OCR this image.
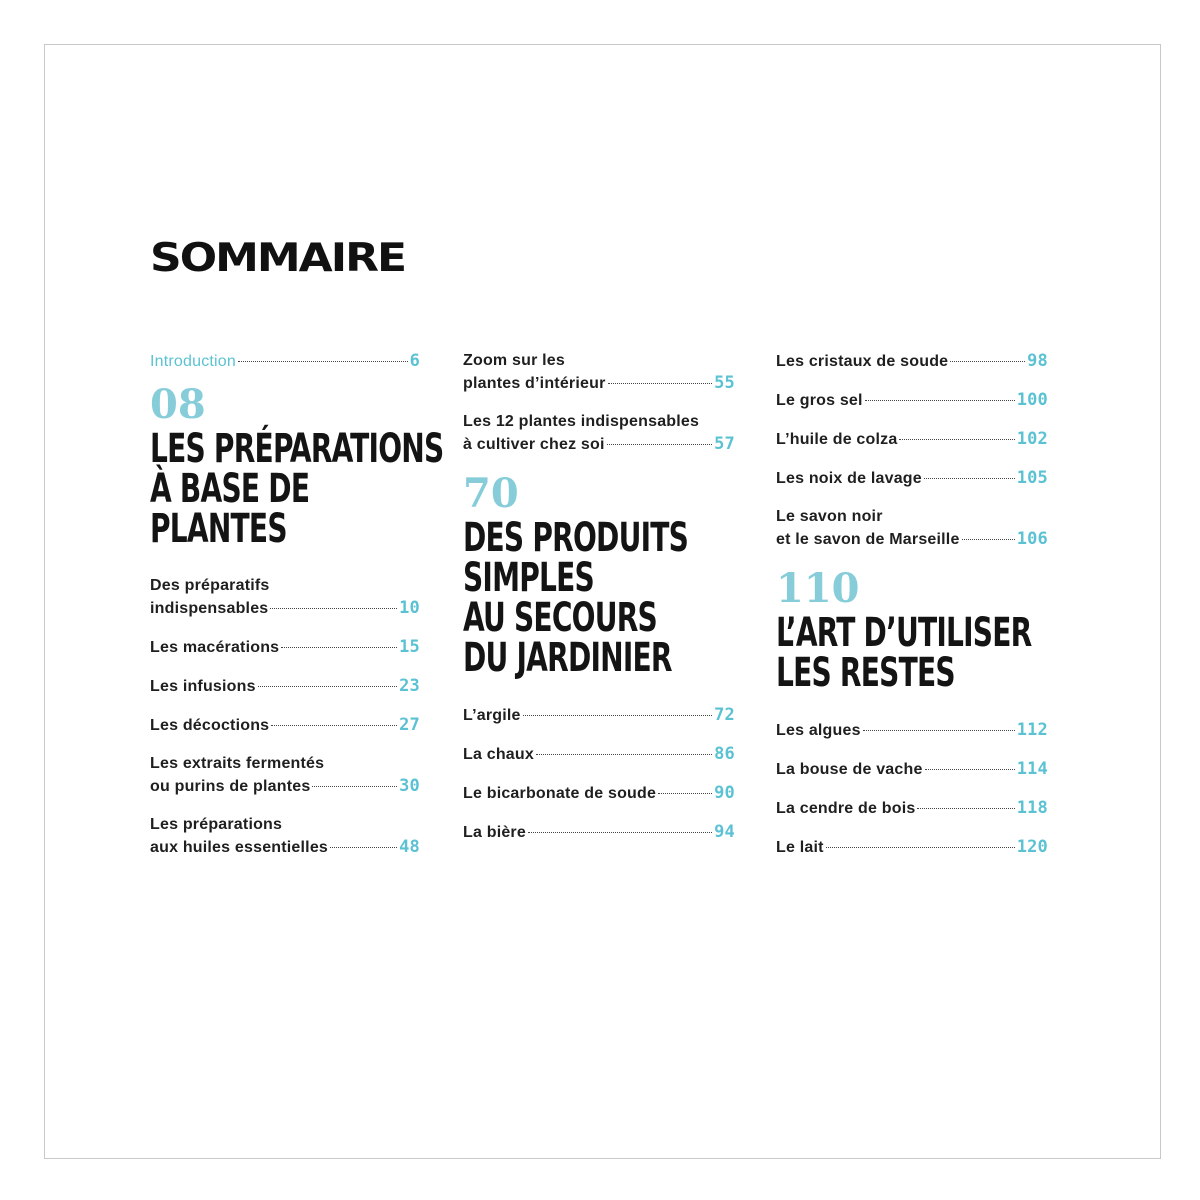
SOMMAIRE
Introduction	6
08
LES PRÉPARATIONS
À BASE DE
PLANTES
Des préparatifs
indispensables	10
Les macérations	15
Les infusions	23
Les décoctions	27
Les extraits fermentés
ou purins de plantes	30
Les préparations
aux huiles essentielles	48
Zoom sur les
plantes d’intérieur	55
Les 12 plantes indispensables
à cultiver chez soi	57
70
DES PRODUITS
SIMPLES
AU SECOURS
DU JARDINIER
L’argile	72
La chaux	86
Le bicarbonate de soude	90
La bière	94
Les cristaux de soude	98
Le gros sel	100
L’huile de colza	102
Les noix de lavage	105
Le savon noir
et le savon de Marseille	106
110
L’ART D’UTILISER
LES RESTES
Les algues	112
La bouse de vache	114
La cendre de bois	118
Le lait	120
